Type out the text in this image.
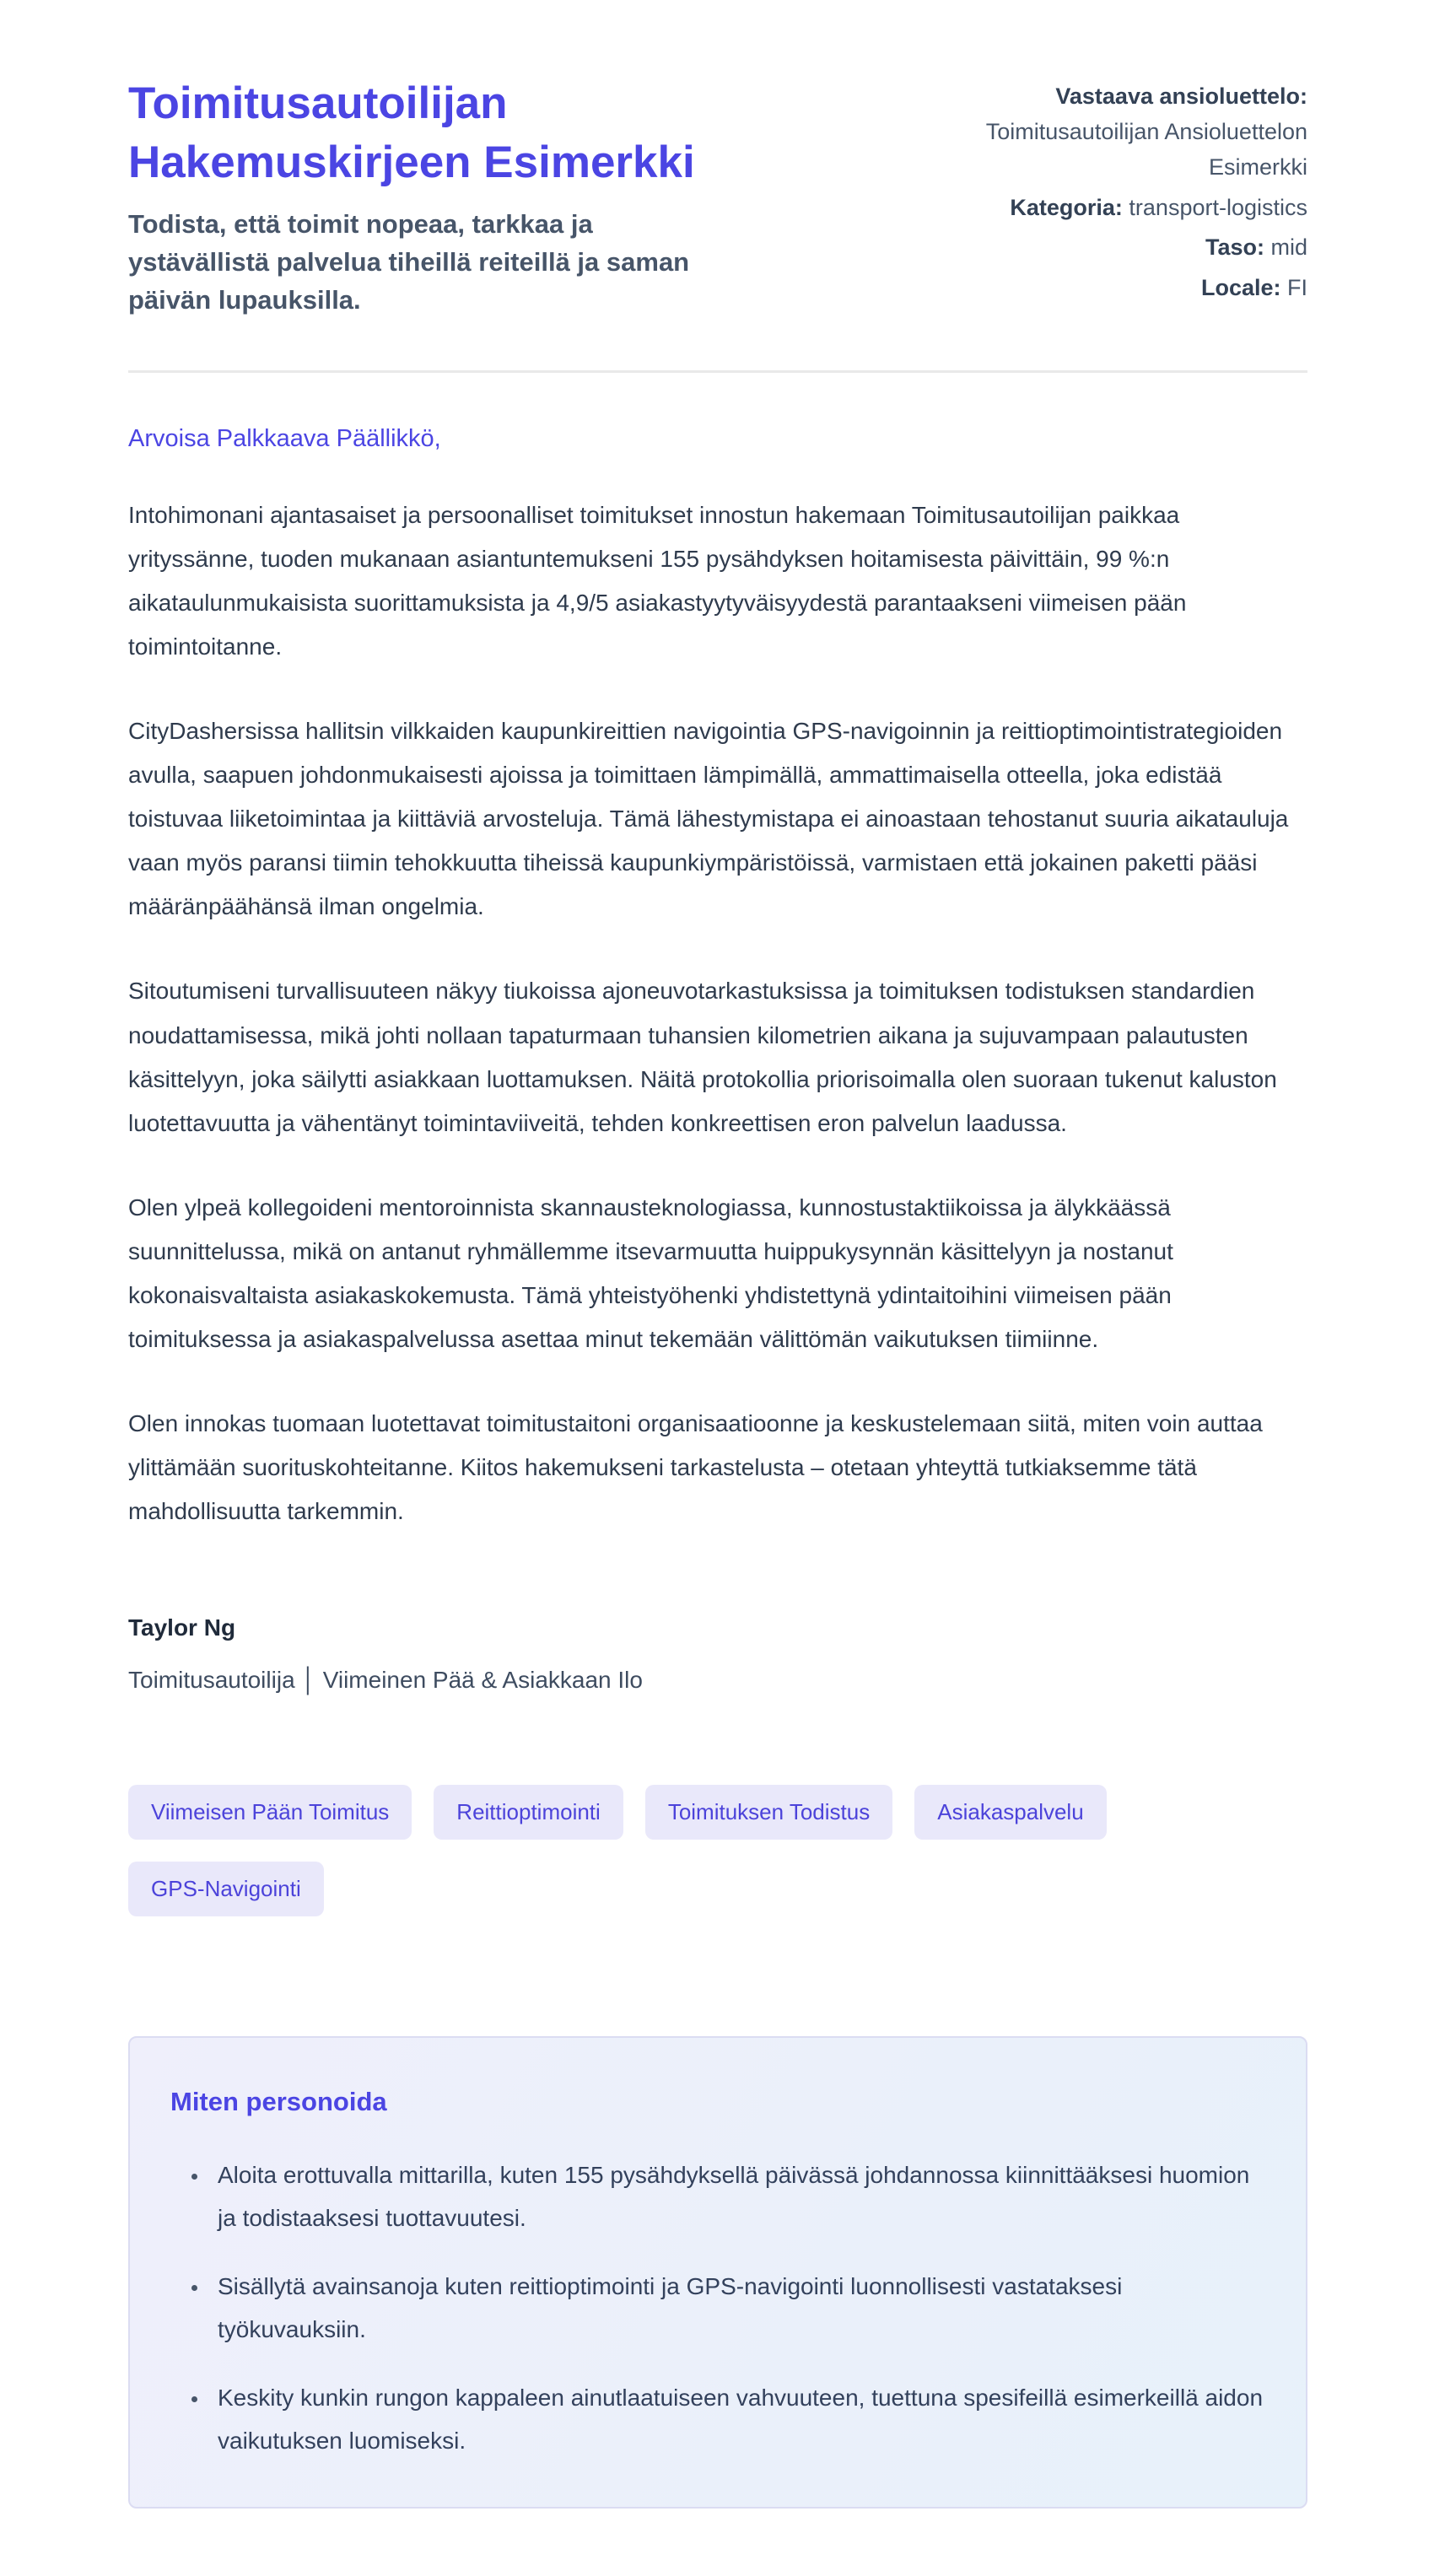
Toimitusautoilijan Hakemuskirjeen Esimerkki
Todista, että toimit nopeaa, tarkkaa ja ystävällistä palvelua tiheillä reiteillä ja saman päivän lupauksilla.
Vastaava ansioluettelo: Toimitusautoilijan Ansioluettelon Esimerkki
Kategoria: transport-logistics
Taso: mid
Locale: FI
Arvoisa Palkkaava Päällikkö,

Intohimonani ajantasaiset ja persoonalliset toimitukset innostun hakemaan Toimitusautoilijan paikkaa yrityssänne, tuoden mukanaan asiantuntemukseni 155 pysähdyksen hoitamisesta päivittäin, 99 %:n aikataulunmukaisista suorittamuksista ja 4,9/5 asiakastyytyväisyydestä parantaakseni viimeisen pään toimintoitanne.

CityDashersissa hallitsin vilkkaiden kaupunkireittien navigointia GPS-navigoinnin ja reittioptimointistrategioiden avulla, saapuen johdonmukaisesti ajoissa ja toimittaen lämpimällä, ammattimaisella otteella, joka edistää toistuvaa liiketoimintaa ja kiittäviä arvosteluja. Tämä lähestymistapa ei ainoastaan tehostanut suuria aikatauluja vaan myös paransi tiimin tehokkuutta tiheissä kaupunkiympäristöissä, varmistaen että jokainen paketti pääsi määränpäähänsä ilman ongelmia.

Sitoutumiseni turvallisuuteen näkyy tiukoissa ajoneuvotarkastuksissa ja toimituksen todistuksen standardien noudattamisessa, mikä johti nollaan tapaturmaan tuhansien kilometrien aikana ja sujuvampaan palautusten käsittelyyn, joka säilytti asiakkaan luottamuksen. Näitä protokollia priorisoimalla olen suoraan tukenut kaluston luotettavuutta ja vähentänyt toimintaviiveitä, tehden konkreettisen eron palvelun laadussa.

Olen ylpeä kollegoideni mentoroinnista skannausteknologiassa, kunnostustaktiikoissa ja älykkäässä suunnittelussa, mikä on antanut ryhmällemme itsevarmuutta huippukysynnän käsittelyyn ja nostanut kokonaisvaltaista asiakaskokemusta. Tämä yhteistyöhenki yhdistettynä ydintaitoihini viimeisen pään toimituksessa ja asiakaspalvelussa asettaa minut tekemään välittömän vaikutuksen tiimiinne.

Olen innokas tuomaan luotettavat toimitustaitoni organisaatioonne ja keskustelemaan siitä, miten voin auttaa ylittämään suorituskohteitanne. Kiitos hakemukseni tarkastelusta – otetaan yhteyttä tutkiaksemme tätä mahdollisuutta tarkemmin.

Taylor Ng
Toimitusautoilija │ Viimeinen Pää & Asiakkaan Ilo
Viimeisen Pään Toimitus	Reittioptimointi	Toimituksen Todistus	Asiakaspalvelu
GPS-Navigointi
Miten personoida
• Aloita erottuvalla mittarilla, kuten 155 pysähdyksellä päivässä johdannossa kiinnittääksesi huomion ja todistaaksesi tuottavuutesi.
• Sisällytä avainsanoja kuten reittioptimointi ja GPS-navigointi luonnollisesti vastataksesi työkuvauksiin.
• Keskity kunkin rungon kappaleen ainutlaatuiseen vahvuuteen, tuettuna spesifeillä esimerkeillä aidon vaikutuksen luomiseksi.
